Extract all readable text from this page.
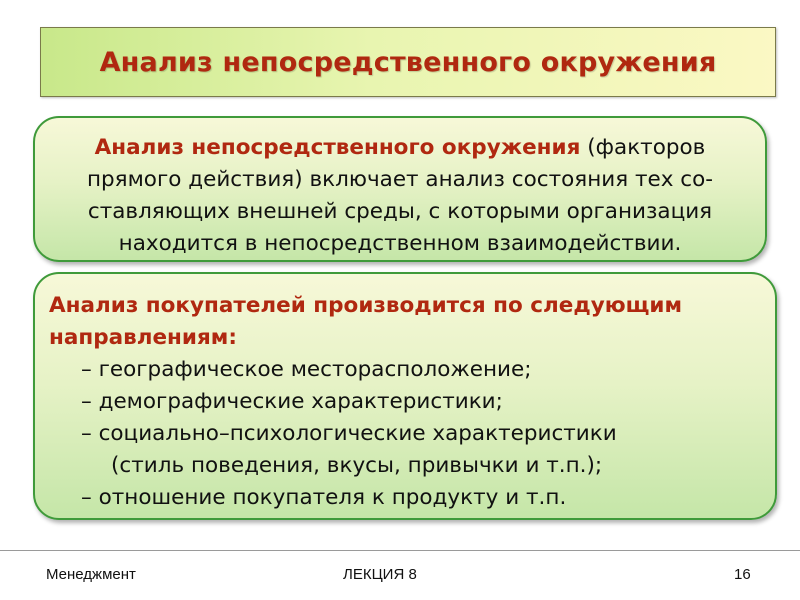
Анализ непосредственного окружения
Анализ непосредственного окружения (факторов
прямого действия) включает анализ состояния тех со-
ставляющих внешней среды, с которыми организация
находится в непосредственном взаимодействии.
Анализ покупателей производится по следующим
направлениям:
– географическое месторасположение;
– демографические характеристики;
– социально–психологические характеристики
(стиль поведения, вкусы, привычки и т.п.);
– отношение покупателя к продукту и т.п.
Менеджмент	ЛЕКЦИЯ 8	16
